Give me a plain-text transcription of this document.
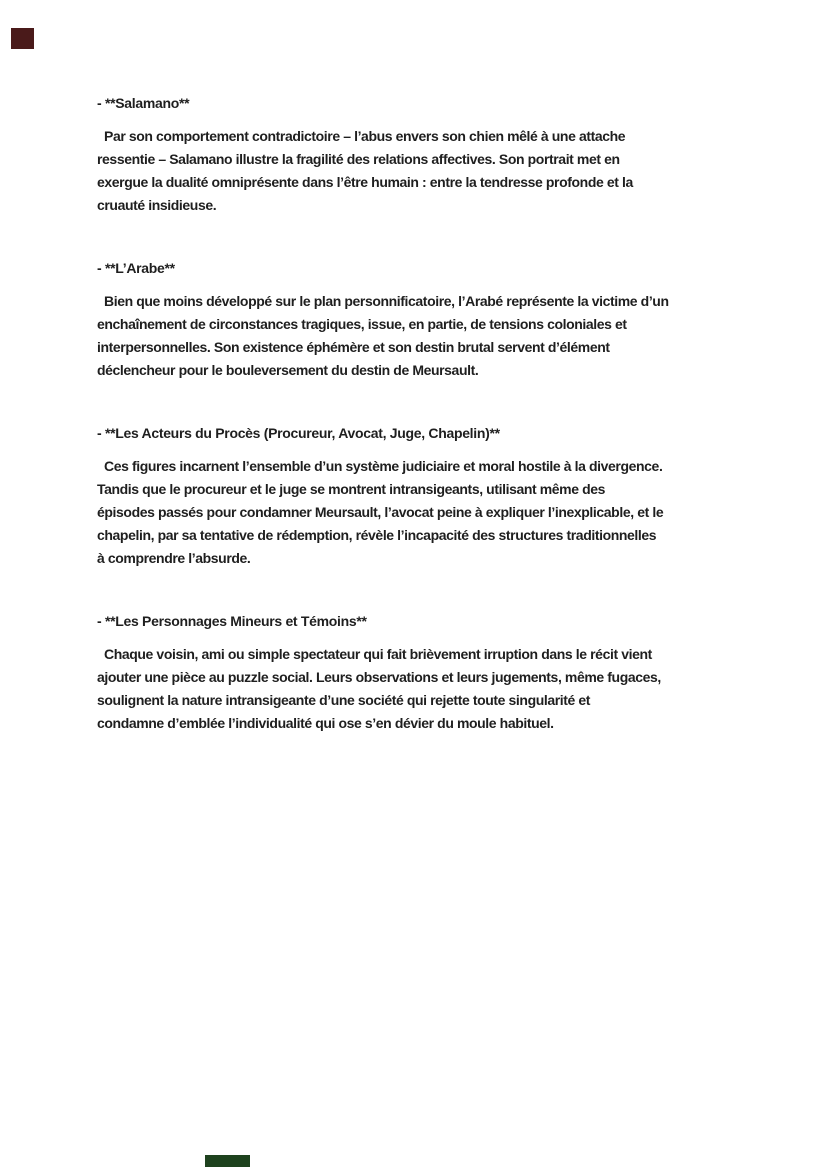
- **Salamano**
Par son comportement contradictoire – l’abus envers son chien mêlé à une attache
ressentie – Salamano illustre la fragilité des relations affectives. Son portrait met en
exergue la dualité omniprésente dans l’être humain : entre la tendresse profonde et la
cruauté insidieuse.
- **L’Arabe**
Bien que moins développé sur le plan personnificatoire, l’Arabé représente la victime d’un
enchaînement de circonstances tragiques, issue, en partie, de tensions coloniales et
interpersonnelles. Son existence éphémère et son destin brutal servent d’élément
déclencheur pour le bouleversement du destin de Meursault.
- **Les Acteurs du Procès (Procureur, Avocat, Juge, Chapelin)**
Ces figures incarnent l’ensemble d’un système judiciaire et moral hostile à la divergence.
Tandis que le procureur et le juge se montrent intransigeants, utilisant même des
épisodes passés pour condamner Meursault, l’avocat peine à expliquer l’inexplicable, et le
chapelin, par sa tentative de rédemption, révèle l’incapacité des structures traditionnelles
à comprendre l’absurde.
- **Les Personnages Mineurs et Témoins**
Chaque voisin, ami ou simple spectateur qui fait brièvement irruption dans le récit vient
ajouter une pièce au puzzle social. Leurs observations et leurs jugements, même fugaces,
soulignent la nature intransigeante d’une société qui rejette toute singularité et
condamne d’emblée l’individualité qui ose s’en dévier du moule habituel.
